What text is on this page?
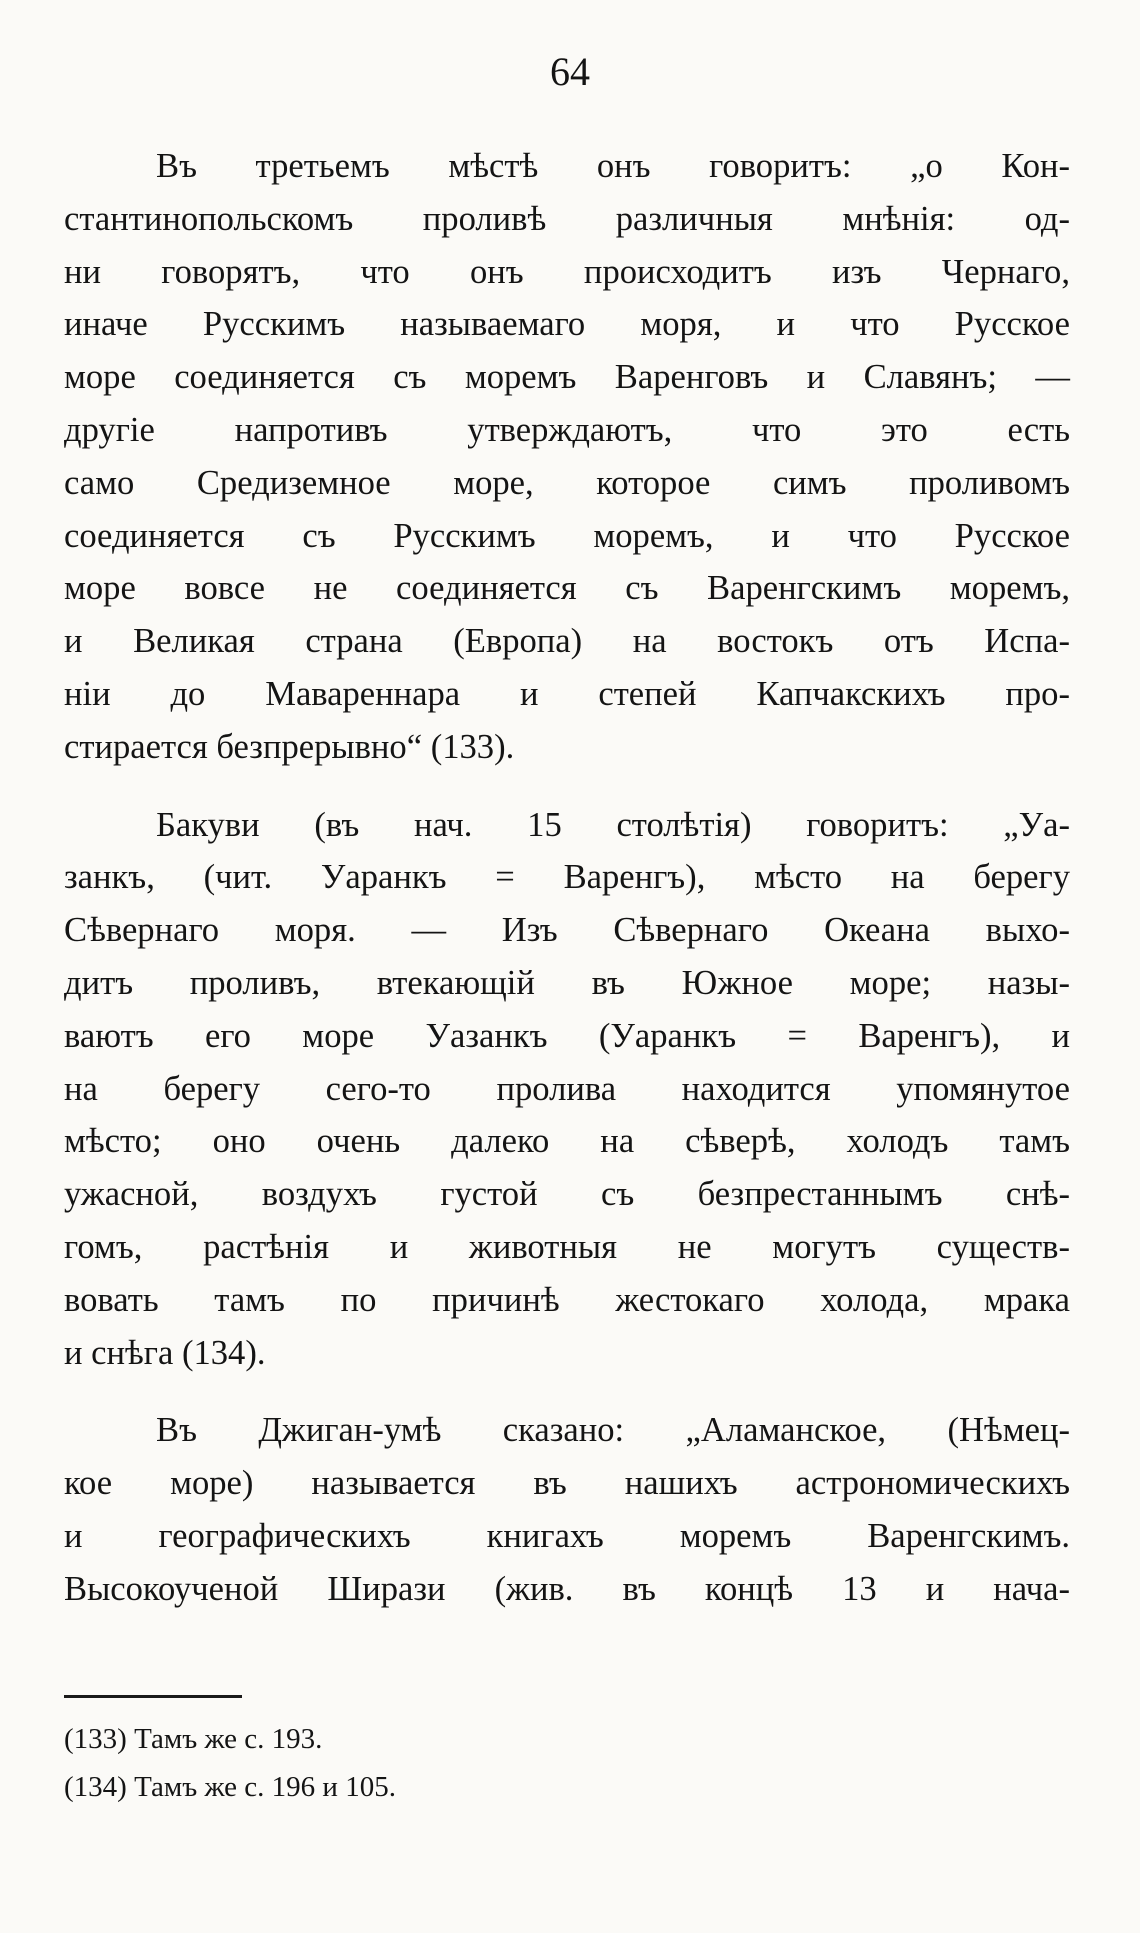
64
Въ третьемъ мѣстѣ онъ говоритъ: „о Кон-
стантинопольскомъ проливѣ различныя мнѣнія: од-
ни говорятъ, что онъ происходитъ изъ Чернаго,
иначе Русскимъ называемаго моря, и что Русское
море соединяется съ моремъ Варенговъ и Славянъ; —
другіе напротивъ утверждаютъ, что это есть
само Средиземное море, которое симъ проливомъ
соединяется съ Русскимъ моремъ, и что Русское
море вовсе не соединяется съ Варенгскимъ моремъ,
и Великая страна (Европа) на востокъ отъ Испа-
ніи до Мавареннара и степей Капчакскихъ про-
стирается безпрерывно“ (133).
Бакуви (въ нач. 15 столѣтія) говоритъ: „Уа-
занкъ, (чит. Уаранкъ = Варенгъ), мѣсто на берегу
Сѣвернаго моря. — Изъ Сѣвернаго Океана выхо-
дитъ проливъ, втекающій въ Южное море; назы-
ваютъ его море Уазанкъ (Уаранкъ = Варенгъ), и
на берегу сего-то пролива находится упомянутое
мѣсто; оно очень далеко на сѣверѣ, холодъ тамъ
ужасной, воздухъ густой съ безпрестаннымъ снѣ-
гомъ, растѣнія и животныя не могутъ существ-
вовать тамъ по причинѣ жестокаго холода, мрака
и снѣга (134).
Въ Джиган-умѣ сказано: „Аламанское, (Нѣмец-
кое море) называется въ нашихъ астрономическихъ
и географическихъ книгахъ моремъ Варенгскимъ.
Высокоученой Ширази (жив. въ концѣ 13 и нача-
(133) Тамъ же с. 193.
(134) Тамъ же с. 196 и 105.
